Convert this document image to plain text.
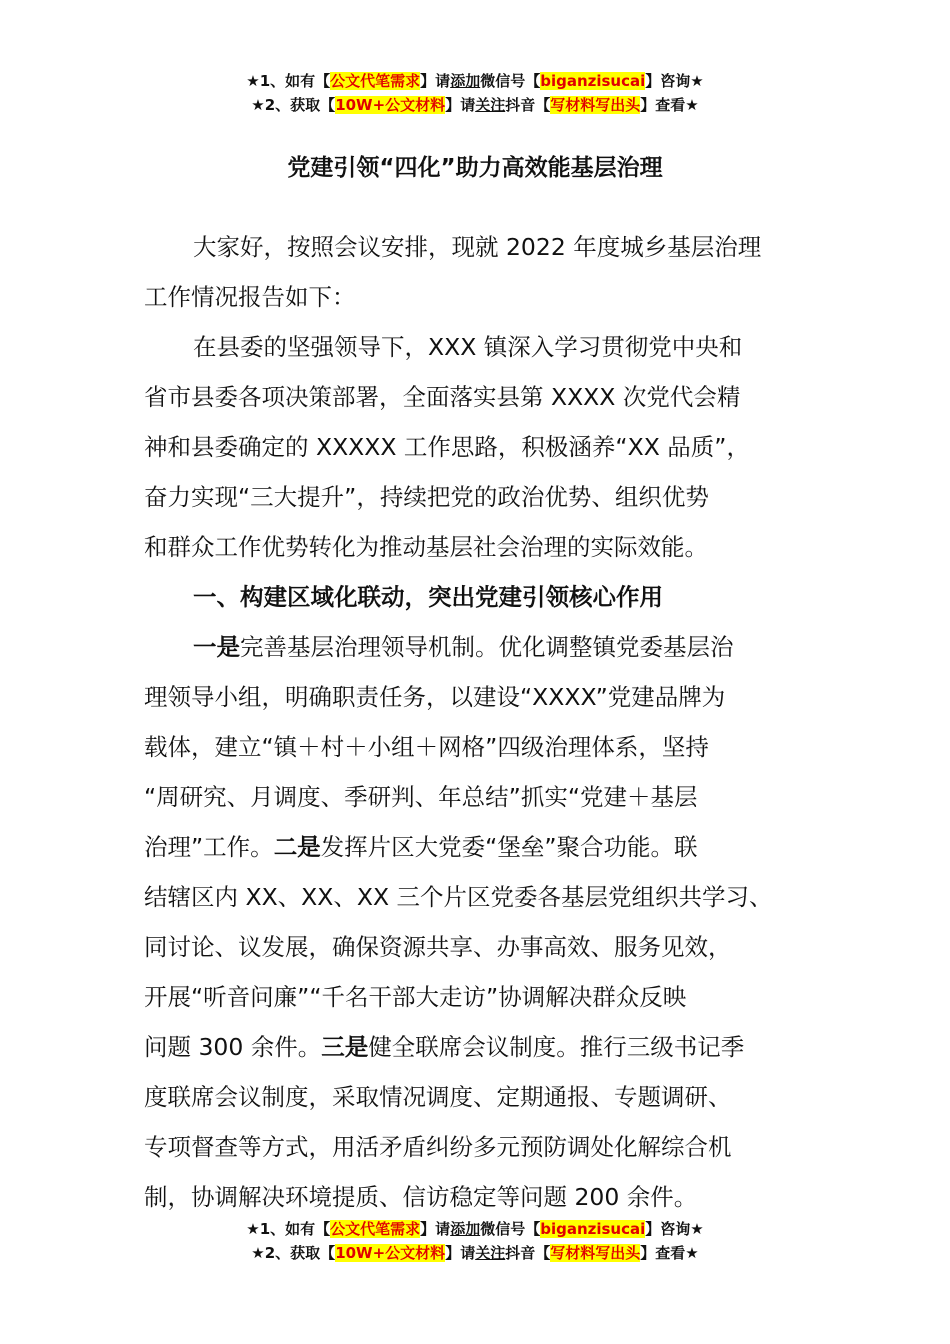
★1、如有【公文代笔需求】请添加微信号【biganzisucai】咨询★
★2、获取【10W+公文材料】请关注抖音【写材料写出头】查看★
党建引领“四化”助力高效能基层治理
大家好，按照会议安排，现就 2022 年度城乡基层治理
工作情况报告如下：
在县委的坚强领导下，XXX 镇深入学习贯彻党中央和
省市县委各项决策部署，全面落实县第 XXXX 次党代会精
神和县委确定的 XXXXX 工作思路，积极涵养“XX 品质”，
奋力实现“三大提升”，持续把党的政治优势、组织优势
和群众工作优势转化为推动基层社会治理的实际效能。
一、构建区域化联动，突出党建引领核心作用
一是完善基层治理领导机制。优化调整镇党委基层治
理领导小组，明确职责任务，以建设“XXXX”党建品牌为
载体，建立“镇＋村＋小组＋网格”四级治理体系，坚持
“周研究、月调度、季研判、年总结”抓实“党建＋基层
治理”工作。二是发挥片区大党委“堡垒”聚合功能。联
结辖区内 XX、XX、XX 三个片区党委各基层党组织共学习、
同讨论、议发展，确保资源共享、办事高效、服务见效，
开展“听音问廉”“千名干部大走访”协调解决群众反映
问题 300 余件。三是健全联席会议制度。推行三级书记季
度联席会议制度，采取情况调度、定期通报、专题调研、
专项督查等方式，用活矛盾纠纷多元预防调处化解综合机
制，协调解决环境提质、信访稳定等问题 200 余件。
★1、如有【公文代笔需求】请添加微信号【biganzisucai】咨询★
★2、获取【10W+公文材料】请关注抖音【写材料写出头】查看★
